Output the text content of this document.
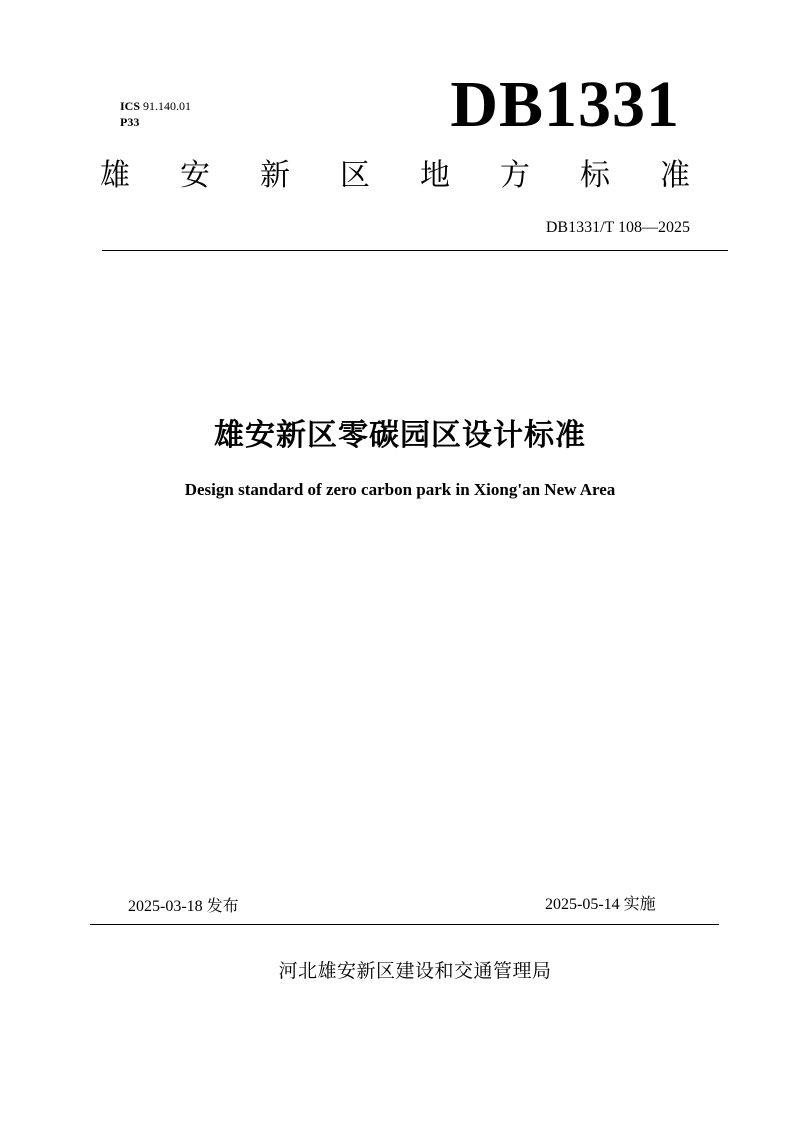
ICS 91.140.01
P33	DB1331
雄 安 新 区 地 方 标 准
DB1331/T 108—2025
雄安新区零碳园区设计标准
Design standard of zero carbon park in Xiong'an New Area
2025-03-18 发布	2025-05-14 实施
河北雄安新区建设和交通管理局
